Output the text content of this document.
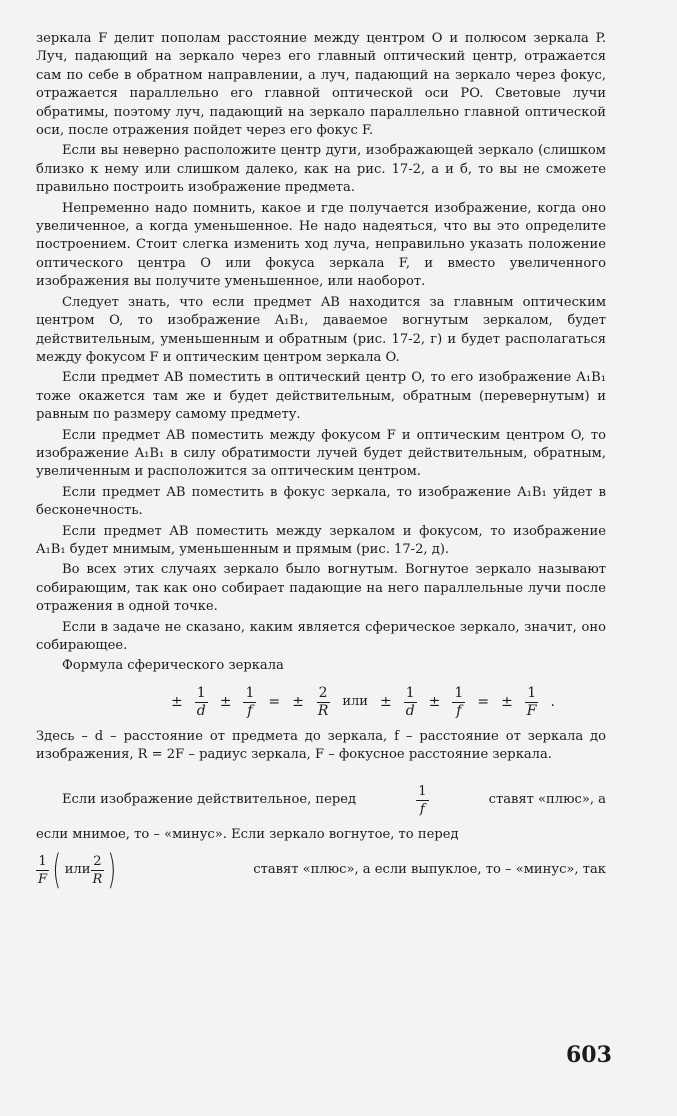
зеркала F делит пополам расстояние между центром O и полюсом зеркала P. Луч, падающий на зеркало через его главный оптический центр, отражается сам по себе в обратном направлении, а луч, падающий на зеркало через фокус, отражается параллельно его главной оптической оси PO. Световые лучи обратимы, поэтому луч, падающий на зеркало параллельно главной оптической оси, после отражения пойдет через его фокус F.

Если вы неверно расположите центр дуги, изображающей зеркало (слишком близко к нему или слишком далеко, как на рис. 17-2, а и б, то вы не сможете правильно построить изображение предмета.

Непременно надо помнить, какое и где получается изображение, когда оно увеличенное, а когда уменьшенное. Не надо надеяться, что вы это определите построением. Стоит слегка изменить ход луча, неправильно указать положение оптического центра O или фокуса зеркала F, и вместо увеличенного изображения вы получите уменьшенное, или наоборот.

Следует знать, что если предмет AB находится за главным оптическим центром O, то изображение A₁B₁, даваемое вогнутым зеркалом, будет действительным, уменьшенным и обратным (рис. 17-2, г) и будет располагаться между фокусом F и оптическим центром зеркала O.

Если предмет AB поместить в оптический центр O, то его изображение A₁B₁ тоже окажется там же и будет действительным, обратным (перевернутым) и равным по размеру самому предмету.

Если предмет AB поместить между фокусом F и оптическим центром O, то изображение A₁B₁ в силу обратимости лучей будет действительным, обратным, увеличенным и расположится за оптическим центром.

Если предмет AB поместить в фокус зеркала, то изображение A₁B₁ уйдет в бесконечность.

Если предмет AB поместить между зеркалом и фокусом, то изображение A₁B₁ будет мнимым, уменьшенным и прямым (рис. 17-2, д).

Во всех этих случаях зеркало было вогнутым. Вогнутое зеркало называют собирающим, так как оно собирает падающие на него параллельные лучи после отражения в одной точке.

Если в задаче не сказано, каким является сферическое зеркало, значит, оно собирающее.

Формула сферического зеркала

± $\frac{1}{d} \pm \frac{1}{f}$ = ± $\frac{2}{R}$ или ± $\frac{1}{d} \pm \frac{1}{f}$ = ± $\frac{1}{F}$ .

Здесь – d – расстояние от предмета до зеркала, f – расстояние от зеркала до изображения, R = 2F – радиус зеркала, F – фокусное расстояние зеркала.

Если изображение действительное, перед	$\frac{1}{f}$	ставят «плюс», а

если мнимое, то – «минус». Если зеркало вогнутое, то перед

$\frac{1}{F}$ ( или $\frac{2}{R}$ )	ставят «плюс», а если выпуклое, то – «минус», так
603
